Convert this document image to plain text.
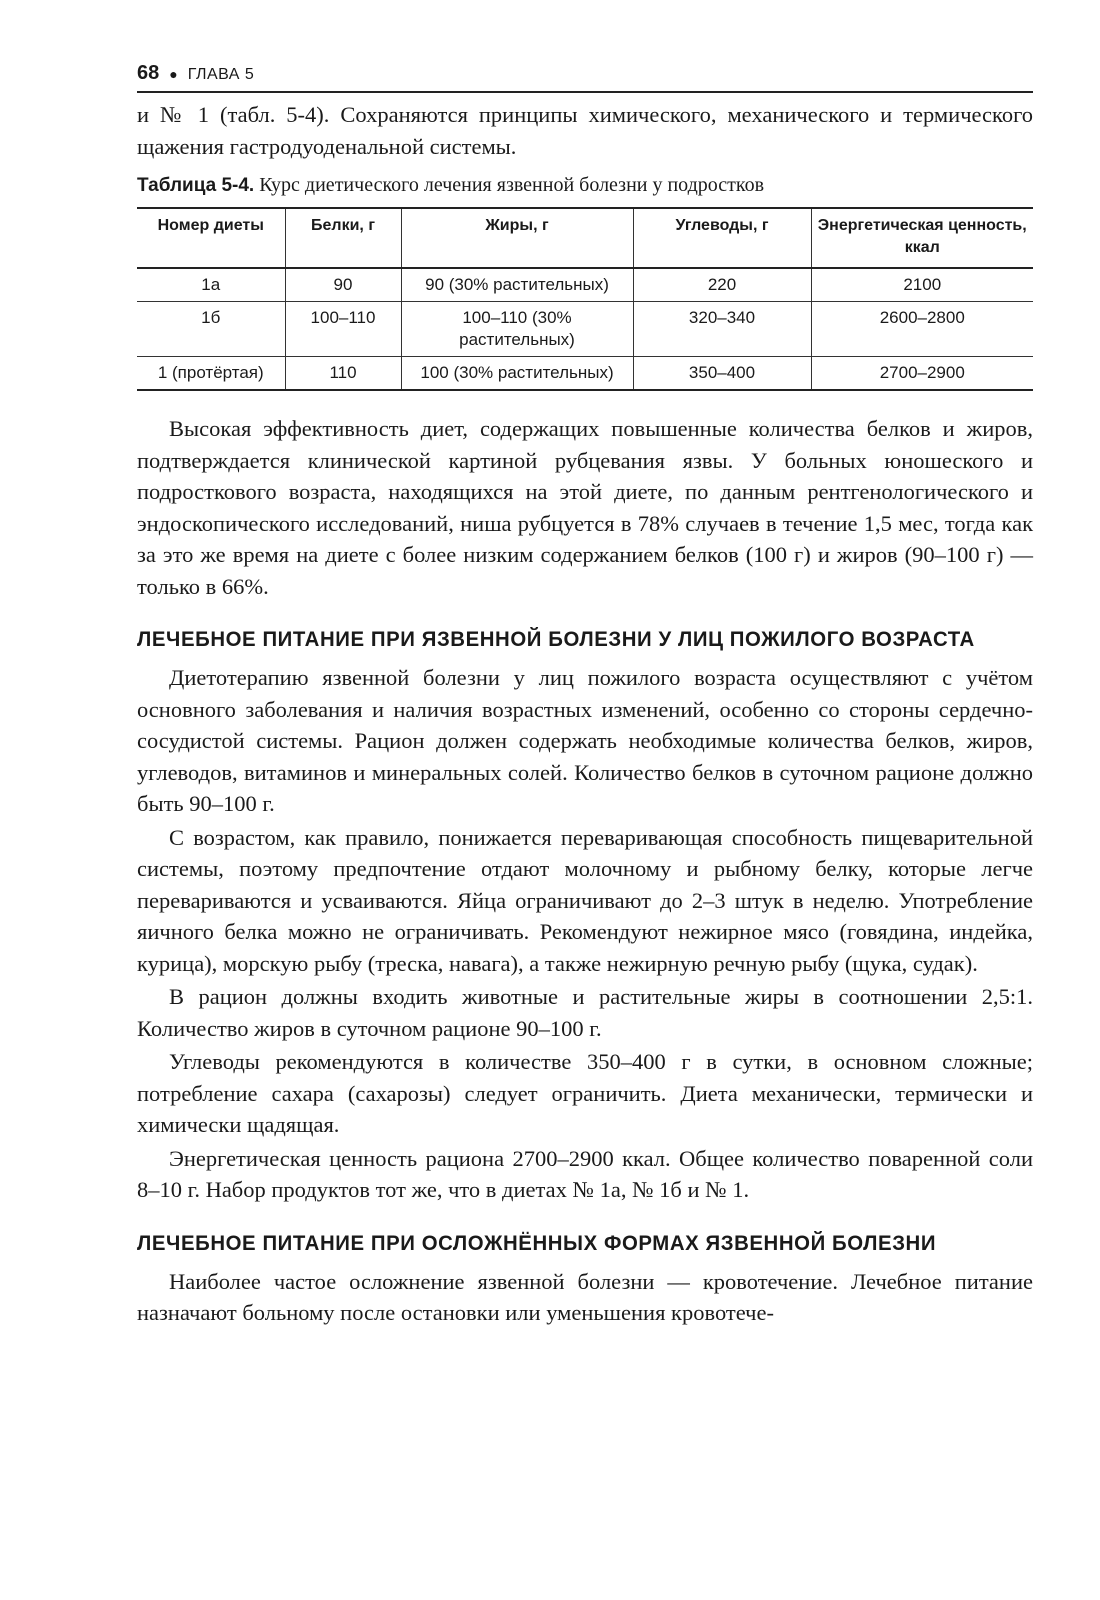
68 ● ГЛАВА 5

и № 1 (табл. 5-4). Сохраняются принципы химического, механического и термического щажения гастродуоденальной системы.

Таблица 5-4. Курс диетического лечения язвенной болезни у подростков
Номер диеты	Белки, г	Жиры, г	Углеводы, г	Энергетическая ценность, ккал
1а	90	90 (30% растительных)	220	2100
1б	100–110	100–110 (30% растительных)	320–340	2600–2800
1 (протёртая)	110	100 (30% растительных)	350–400	2700–2900

Высокая эффективность диет, содержащих повышенные количества белков и жиров, подтверждается клинической картиной рубцевания язвы. У больных юношеского и подросткового возраста, находящихся на этой диете, по данным рентгенологического и эндоскопического исследований, ниша рубцуется в 78% случаев в течение 1,5 мес, тогда как за это же время на диете с более низким содержанием белков (100 г) и жиров (90–100 г) — только в 66%.

ЛЕЧЕБНОЕ ПИТАНИЕ ПРИ ЯЗВЕННОЙ БОЛЕЗНИ У ЛИЦ ПОЖИЛОГО ВОЗРАСТА

Диетотерапию язвенной болезни у лиц пожилого возраста осуществляют с учётом основного заболевания и наличия возрастных изменений, особенно со стороны сердечно-сосудистой системы. Рацион должен содержать необходимые количества белков, жиров, углеводов, витаминов и минеральных солей. Количество белков в суточном рационе должно быть 90–100 г.

С возрастом, как правило, понижается переваривающая способность пищеварительной системы, поэтому предпочтение отдают молочному и рыбному белку, которые легче перевариваются и усваиваются. Яйца ограничивают до 2–3 штук в неделю. Употребление яичного белка можно не ограничивать. Рекомендуют нежирное мясо (говядина, индейка, курица), морскую рыбу (треска, навага), а также нежирную речную рыбу (щука, судак).

В рацион должны входить животные и растительные жиры в соотношении 2,5:1. Количество жиров в суточном рационе 90–100 г.

Углеводы рекомендуются в количестве 350–400 г в сутки, в основном сложные; потребление сахара (сахарозы) следует ограничить. Диета механически, термически и химически щадящая.

Энергетическая ценность рациона 2700–2900 ккал. Общее количество поваренной соли 8–10 г. Набор продуктов тот же, что в диетах № 1а, № 1б и № 1.

ЛЕЧЕБНОЕ ПИТАНИЕ ПРИ ОСЛОЖНЁННЫХ ФОРМАХ ЯЗВЕННОЙ БОЛЕЗНИ

Наиболее частое осложнение язвенной болезни — кровотечение. Лечебное питание назначают больному после остановки или уменьшения кровотече-
